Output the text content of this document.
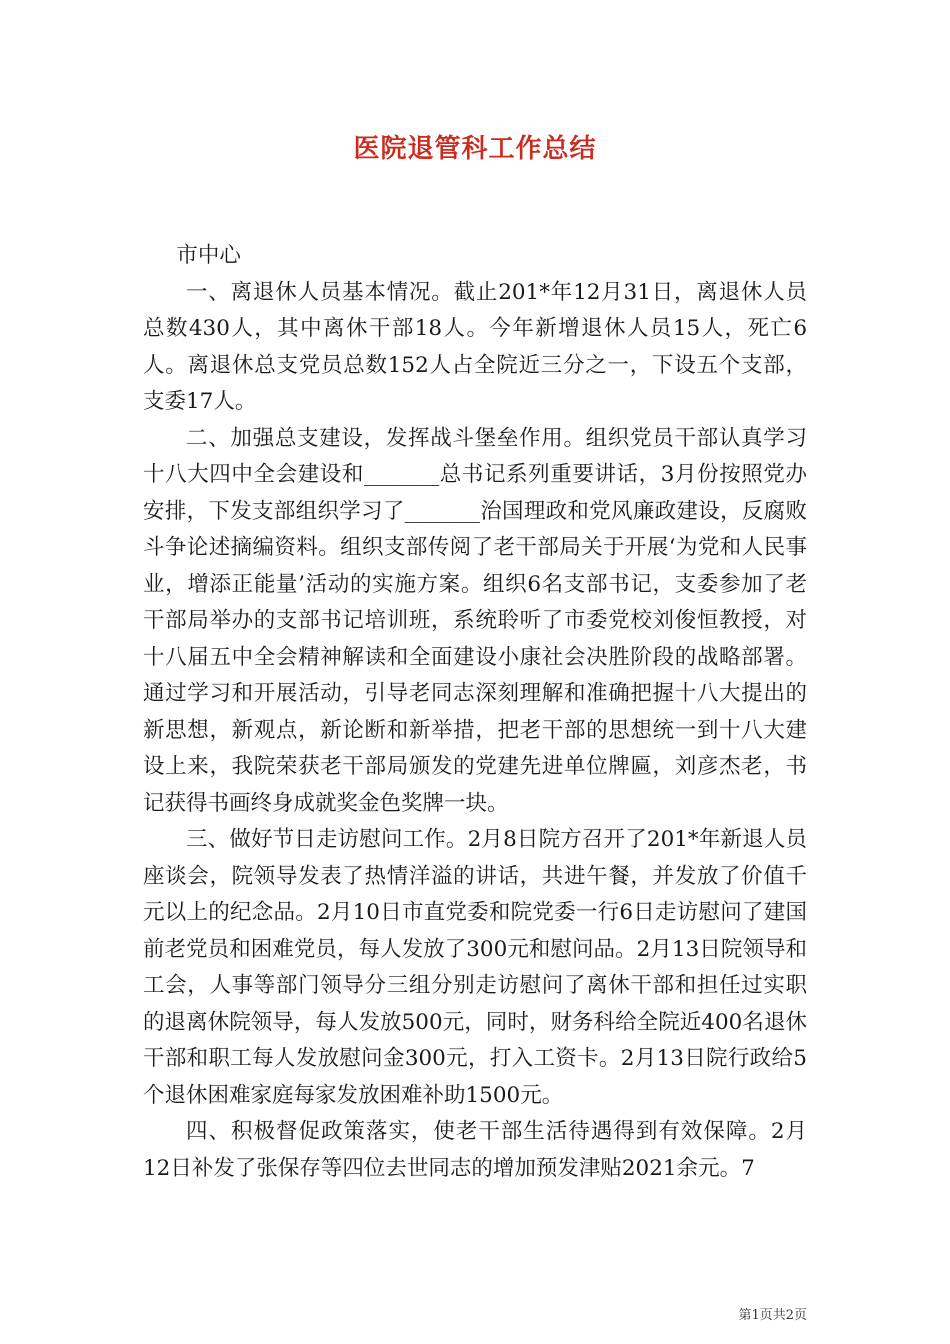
医院退管科工作总结

市中心

一、离退休人员基本情况。截止201*年12月31日，离退休人员总数430人，其中离休干部18人。今年新增退休人员15人，死亡6人。离退休总支党员总数152人占全院近三分之一，下设五个支部，支委17人。

二、加强总支建设，发挥战斗堡垒作用。组织党员干部认真学习十八大四中全会建设和_______总书记系列重要讲话，3月份按照党办安排，下发支部组织学习了_______治国理政和党风廉政建设，反腐败斗争论述摘编资料。组织支部传阅了老干部局关于开展‘为党和人民事业，增添正能量’活动的实施方案。组织6名支部书记，支委参加了老干部局举办的支部书记培训班，系统聆听了市委党校刘俊恒教授，对十八届五中全会精神解读和全面建设小康社会决胜阶段的战略部署。通过学习和开展活动，引导老同志深刻理解和准确把握十八大提出的新思想，新观点，新论断和新举措，把老干部的思想统一到十八大建设上来，我院荣获老干部局颁发的党建先进单位牌匾，刘彦杰老，书记获得书画终身成就奖金色奖牌一块。

三、做好节日走访慰问工作。2月8日院方召开了201*年新退人员座谈会，院领导发表了热情洋溢的讲话，共进午餐，并发放了价值千元以上的纪念品。2月10日市直党委和院党委一行6日走访慰问了建国前老党员和困难党员，每人发放了300元和慰问品。2月13日院领导和工会，人事等部门领导分三组分别走访慰问了离休干部和担任过实职的退离休院领导，每人发放500元，同时，财务科给全院近400名退休干部和职工每人发放慰问金300元，打入工资卡。2月13日院行政给5个退休困难家庭每家发放困难补助1500元。

四、积极督促政策落实，使老干部生活待遇得到有效保障。2月12日补发了张保存等四位去世同志的增加预发津贴2021余元。7

第1页共2页
